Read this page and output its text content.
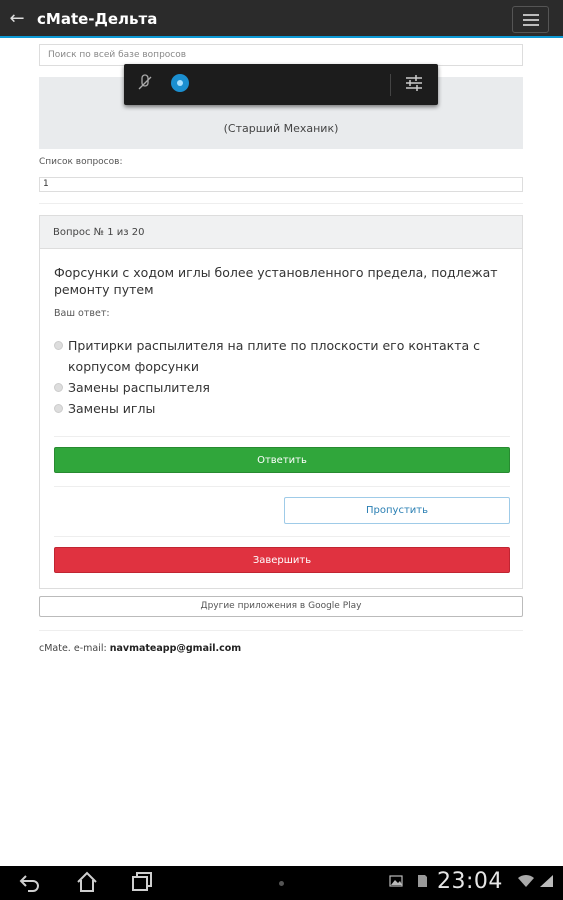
← cMate-Дельта
Поиск по всей базе вопросов
(Старший Механик)
Список вопросов:
1
Вопрос № 1 из 20
Форсунки с ходом иглы более установленного предела, подлежат ремонту путем
Ваш ответ:
Притирки распылителя на плите по плоскости его контакта с корпусом форсунки
Замены распылителя
Замены иглы
Ответить
Пропустить
Завершить
Другие приложения в Google Play
cMate. e-mail: navmateapp@gmail.com
23:04
